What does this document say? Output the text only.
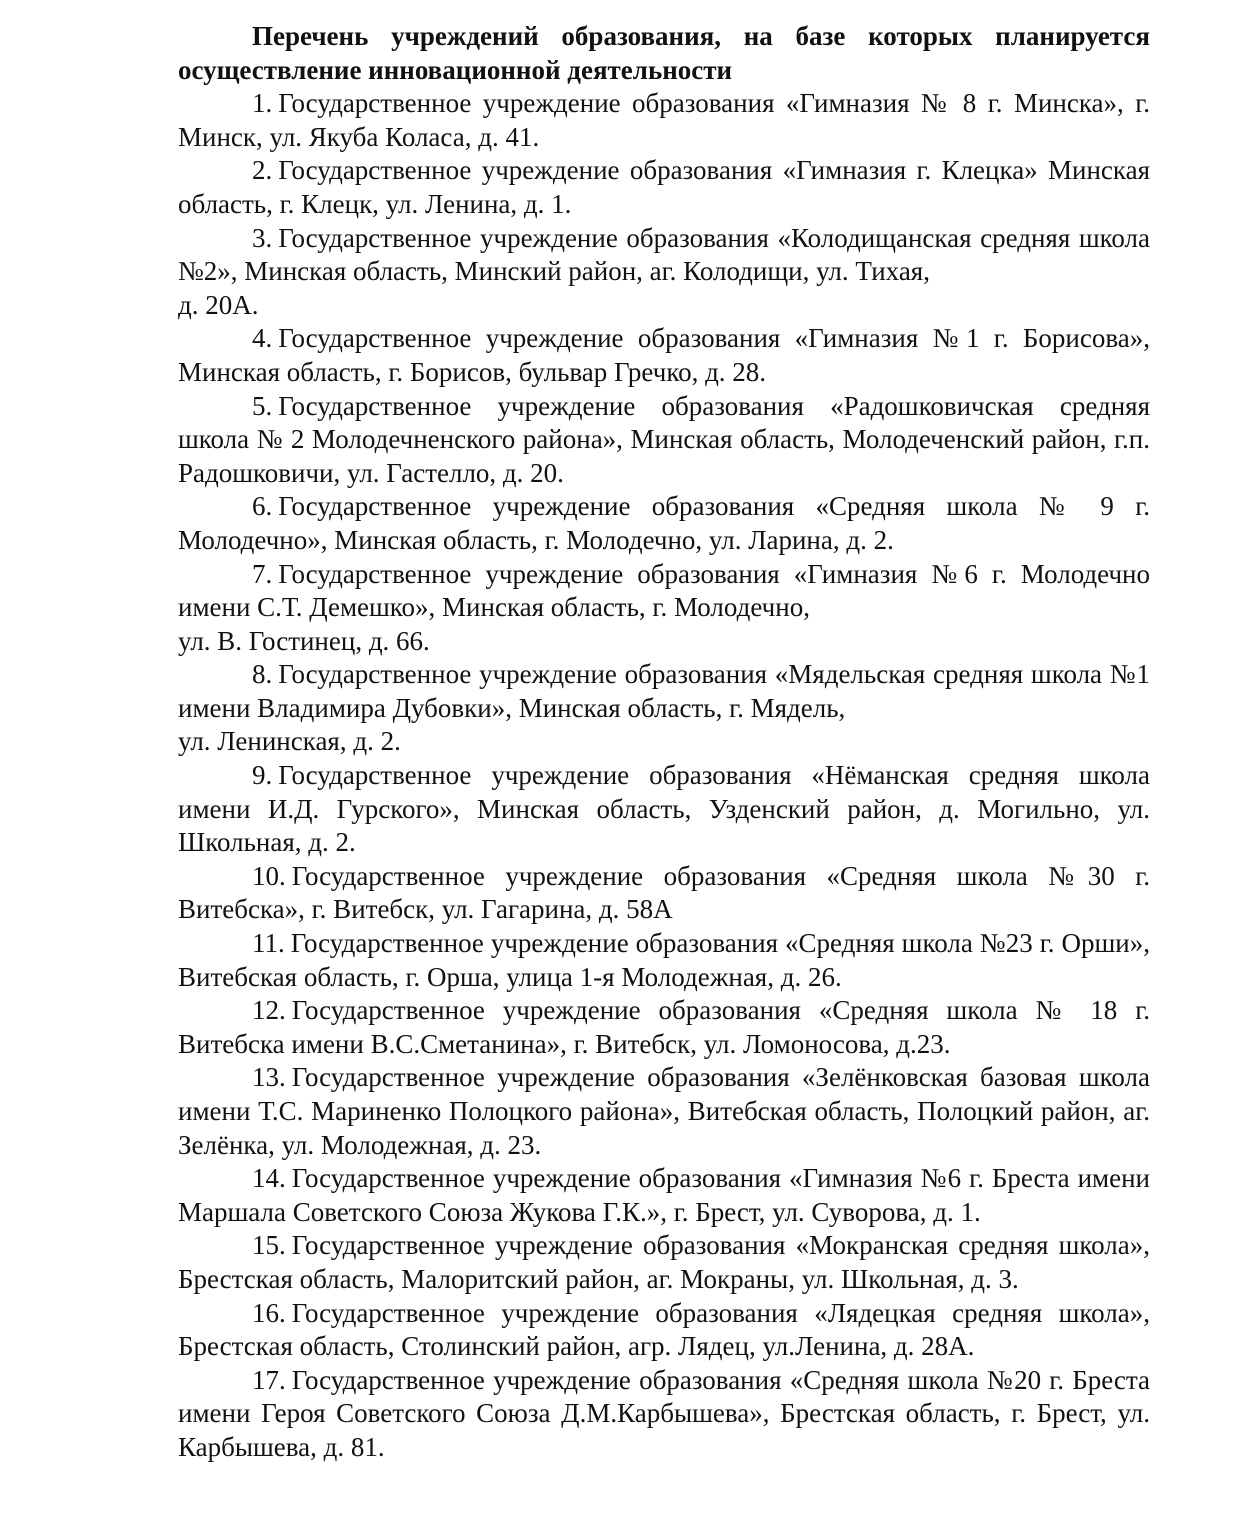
Перечень учреждений образования, на базе которых планируется осуществление инновационной деятельности

1. Государственное учреждение образования «Гимназия № 8 г. Минска», г. Минск, ул. Якуба Коласа, д. 41.

2. Государственное учреждение образования «Гимназия г. Клецка» Минская область, г. Клецк, ул. Ленина, д. 1.

3. Государственное учреждение образования «Колодищанская средняя школа №2», Минская область, Минский район, аг. Колодищи, ул. Тихая,
д. 20А.

4. Государственное учреждение образования «Гимназия №1 г. Борисова», Минская область, г. Борисов, бульвар Гречко, д. 28.

5. Государственное учреждение образования «Радошковичская средняя школа № 2 Молодечненского района», Минская область, Молодеченский район, г.п. Радошковичи, ул. Гастелло, д. 20.

6. Государственное учреждение образования «Средняя школа № 9 г. Молодечно», Минская область, г. Молодечно, ул. Ларина, д. 2.

7. Государственное учреждение образования «Гимназия №6 г. Молодечно имени С.Т. Демешко», Минская область, г. Молодечно,
ул. В. Гостинец, д. 66.

8. Государственное учреждение образования «Мядельская средняя школа №1 имени Владимира Дубовки», Минская область, г. Мядель,
ул. Ленинская, д. 2.

9. Государственное учреждение образования «Нёманская средняя школа имени И.Д. Гурского», Минская область, Узденский район, д. Могильно, ул. Школьная, д. 2.

10. Государственное учреждение образования «Средняя школа №30 г. Витебска», г. Витебск, ул. Гагарина, д. 58А

11. Государственное учреждение образования «Средняя школа №23 г. Орши», Витебская область, г. Орша, улица 1-я Молодежная, д. 26.

12. Государственное учреждение образования «Средняя школа № 18 г. Витебска имени В.С.Сметанина», г. Витебск, ул. Ломоносова, д.23.

13. Государственное учреждение образования «Зелёнковская базовая школа имени Т.С. Мариненко Полоцкого района», Витебская область, Полоцкий район, аг. Зелёнка, ул. Молодежная, д. 23.

14. Государственное учреждение образования «Гимназия №6 г. Бреста имени Маршала Советского Союза Жукова Г.К.», г. Брест, ул. Суворова, д. 1.

15. Государственное учреждение образования «Мокранская средняя школа», Брестская область, Малоритский район, аг. Мокраны, ул. Школьная, д. 3.

16. Государственное учреждение образования «Лядецкая средняя школа», Брестская область, Столинский район, агр. Лядец, ул.Ленина, д. 28А.

17. Государственное учреждение образования «Средняя школа №20 г. Бреста имени Героя Советского Союза Д.М.Карбышева», Брестская область, г. Брест, ул. Карбышева, д. 81.
